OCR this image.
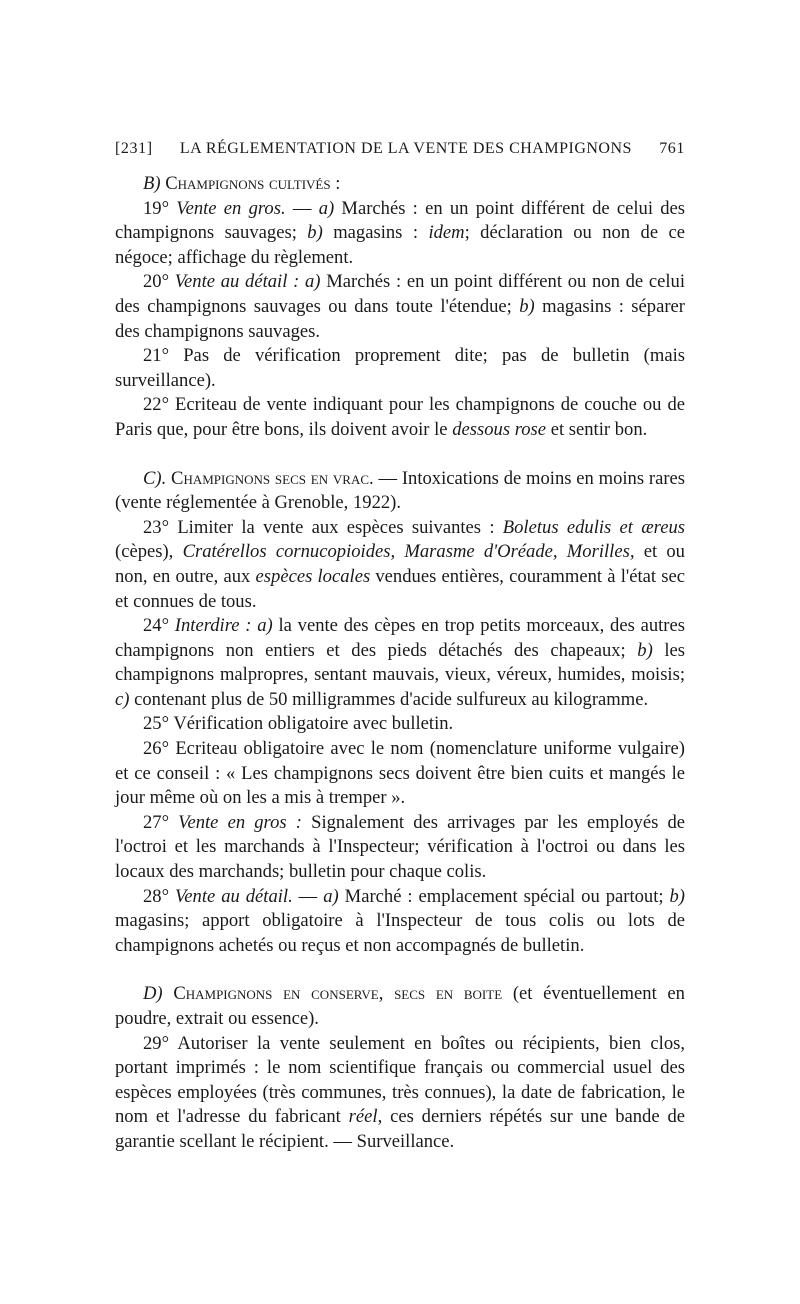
[231] LA RÉGLEMENTATION DE LA VENTE DES CHAMPIGNONS 761

B) Champignons cultivés :

19° Vente en gros. — a) Marchés : en un point différent de celui des champignons sauvages; b) magasins : idem; déclaration ou non de ce négoce; affichage du règlement.

20° Vente au détail : a) Marchés : en un point différent ou non de celui des champignons sauvages ou dans toute l'étendue; b) magasins : séparer des champignons sauvages.

21° Pas de vérification proprement dite; pas de bulletin (mais surveillance).

22° Ecriteau de vente indiquant pour les champignons de couche ou de Paris que, pour être bons, ils doivent avoir le dessous rose et sentir bon.

C). Champignons secs en vrac. — Intoxications de moins en moins rares (vente réglementée à Grenoble, 1922).

23° Limiter la vente aux espèces suivantes : Boletus edulis et æreus (cèpes), Cratérellos cornucopioides, Marasme d'Oréade, Morilles, et ou non, en outre, aux espèces locales vendues entières, couramment à l'état sec et connues de tous.

24° Interdire : a) la vente des cèpes en trop petits morceaux, des autres champignons non entiers et des pieds détachés des chapeaux; b) les champignons malpropres, sentant mauvais, vieux, véreux, humides, moisis; c) contenant plus de 50 milligrammes d'acide sulfureux au kilogramme.

25° Vérification obligatoire avec bulletin.

26° Ecriteau obligatoire avec le nom (nomenclature uniforme vulgaire) et ce conseil : « Les champignons secs doivent être bien cuits et mangés le jour même où on les a mis à tremper ».

27° Vente en gros : Signalement des arrivages par les employés de l'octroi et les marchands à l'Inspecteur; vérification à l'octroi ou dans les locaux des marchands; bulletin pour chaque colis.

28° Vente au détail. — a) Marché : emplacement spécial ou partout; b) magasins; apport obligatoire à l'Inspecteur de tous colis ou lots de champignons achetés ou reçus et non accompagnés de bulletin.

D) Champignons en conserve, secs en boite (et éventuellement en poudre, extrait ou essence).

29° Autoriser la vente seulement en boîtes ou récipients, bien clos, portant imprimés : le nom scientifique français ou commercial usuel des espèces employées (très communes, très connues), la date de fabrication, le nom et l'adresse du fabricant réel, ces derniers répétés sur une bande de garantie scellant le récipient. — Surveillance.
